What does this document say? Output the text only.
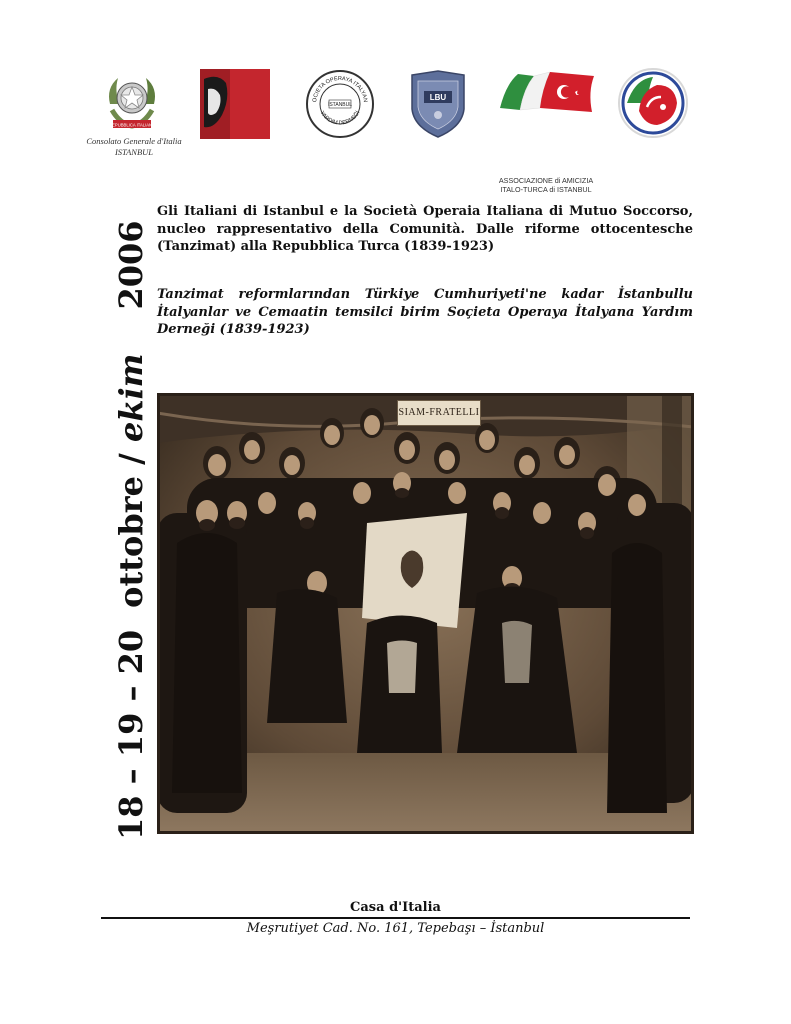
REPUBBLICA ITALIANA
Istituto
Italiano
di
Cultura
Istanbul
OCIETA OPERAYA ITALYAN
YARDIM DERNEĞİ
İSTANBUL
LBU
ASSOCIAZIONE di AMICIZIA
ITALO-TURCA di ISTANBUL
Consolato Generale d'Italia
ISTANBUL
18 – 19 – 20ottobre / ekim2006
Gli Italiani di Istanbul e la Società Operaia Italiana di Mutuo Soccorso, nucleo rappresentativo della Comunità. Dalle riforme ottocentesche (Tanzimat) alla Repubblica Turca (1839-1923)
Tanzimat reformlarından Türkiye Cumhuriyeti'ne kadar İstanbullu İtalyanlar ve Cemaatin temsilci birim Soçieta Operaya İtalyana Yardım Derneği (1839-1923)
SIAM-FRATELLI
Casa d'Italia
Meşrutiyet Cad. No. 161, Tepebaşı – İstanbul
